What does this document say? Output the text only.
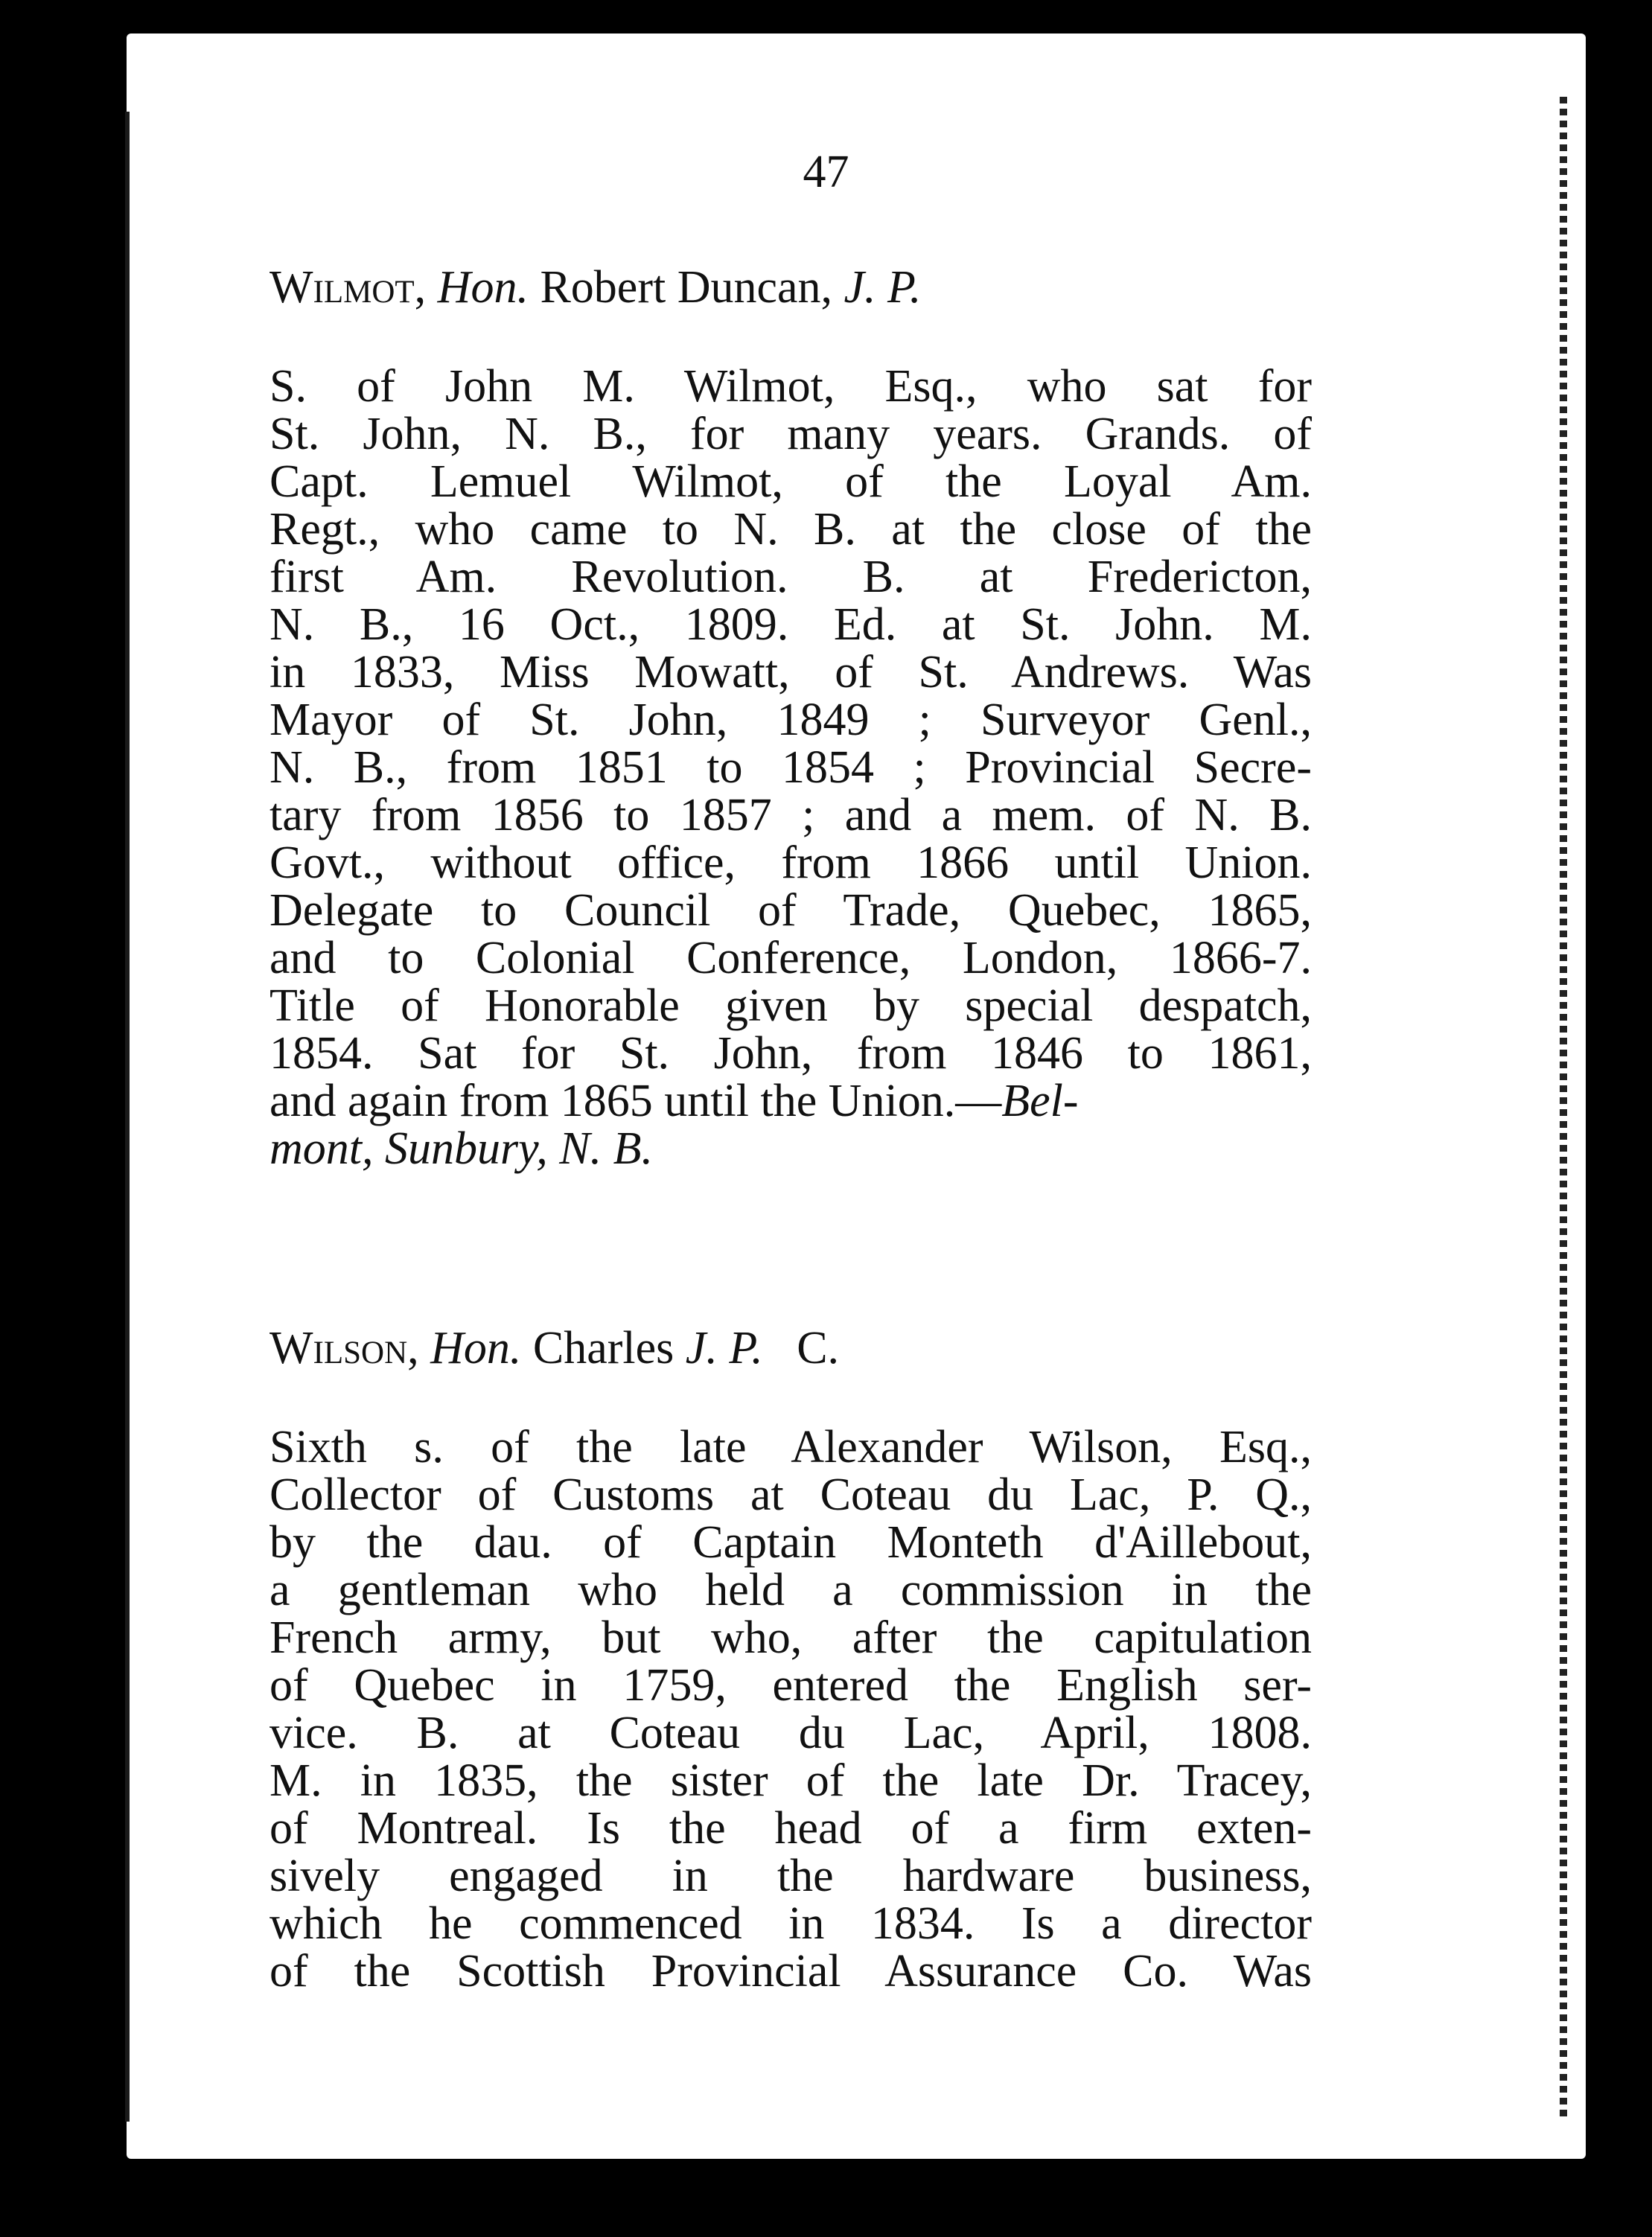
47
Wilmot, Hon. Robert Duncan, J. P.
S. of John M. Wilmot, Esq., who sat for
St. John, N. B., for many years. Grands. of
Capt. Lemuel Wilmot, of the Loyal Am.
Regt., who came to N. B. at the close of the
first Am. Revolution. B. at Fredericton,
N. B., 16 Oct., 1809. Ed. at St. John. M.
in 1833, Miss Mowatt, of St. Andrews. Was
Mayor of St. John, 1849 ; Surveyor Genl.,
N. B., from 1851 to 1854 ; Provincial Secre-
tary from 1856 to 1857 ; and a mem. of N. B.
Govt., without office, from 1866 until Union.
Delegate to Council of Trade, Quebec, 1865,
and to Colonial Conference, London, 1866-7.
Title of Honorable given by special despatch,
1854. Sat for St. John, from 1846 to 1861,
and again from 1865 until the Union.—Bel-
mont, Sunbury, N. B.
Wilson, Hon. Charles J. P. C.
Sixth s. of the late Alexander Wilson, Esq.,
Collector of Customs at Coteau du Lac, P. Q.,
by the dau. of Captain Monteth d'Aillebout,
a gentleman who held a commission in the
French army, but who, after the capitulation
of Quebec in 1759, entered the English ser-
vice. B. at Coteau du Lac, April, 1808.
M. in 1835, the sister of the late Dr. Tracey,
of Montreal. Is the head of a firm exten-
sively engaged in the hardware business,
which he commenced in 1834. Is a director
of the Scottish Provincial Assurance Co. Was
